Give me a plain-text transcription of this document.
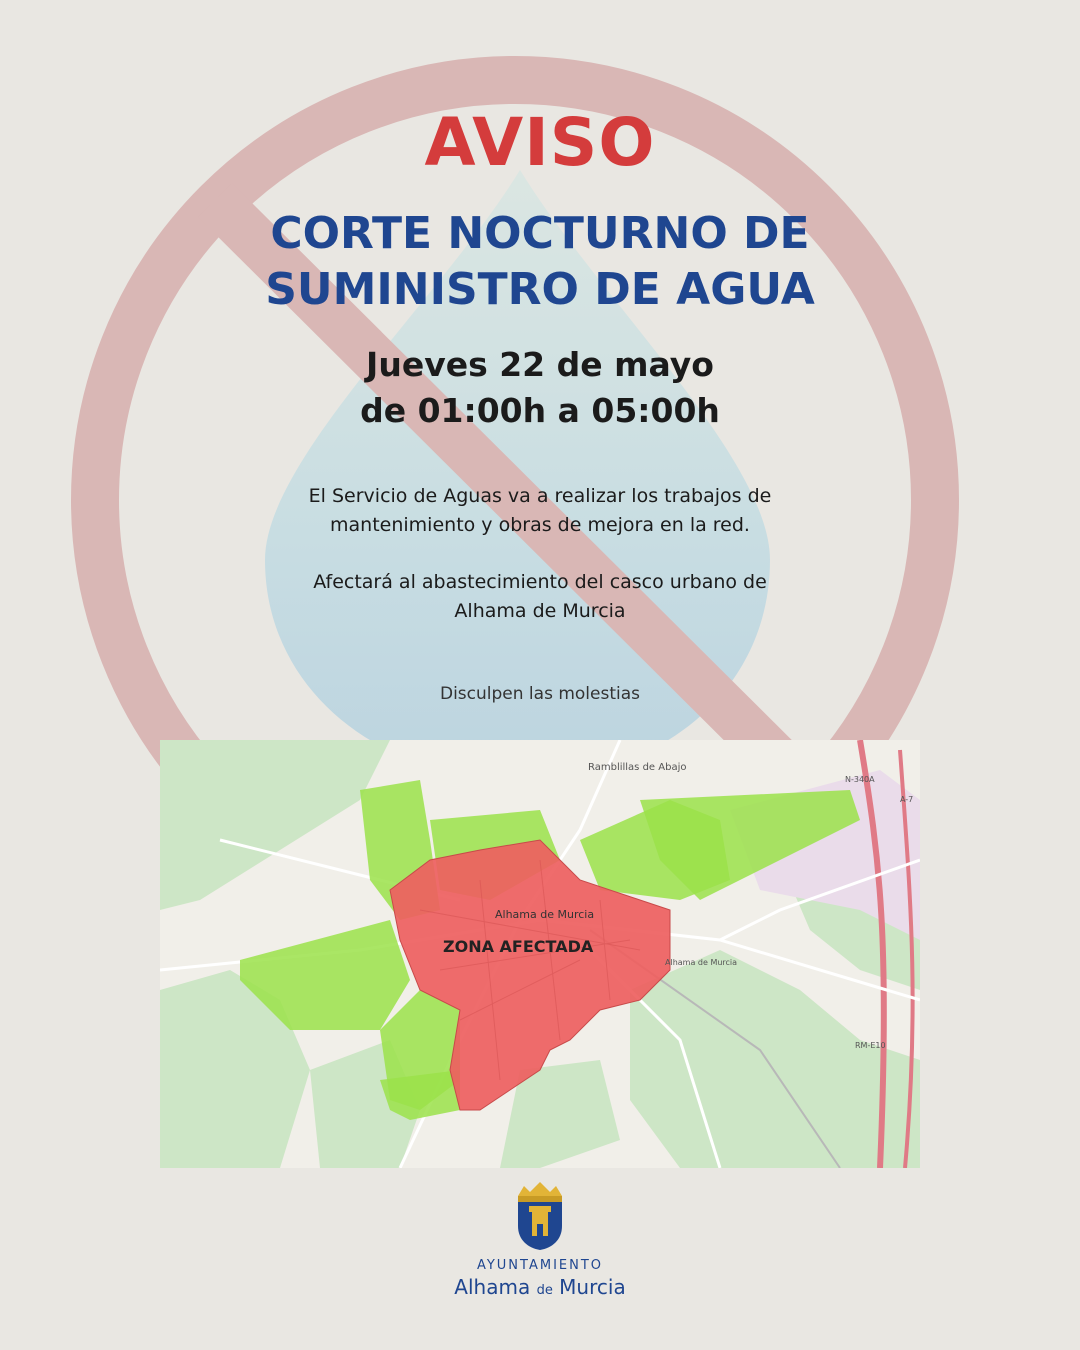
AVISO
CORTE NOCTURNO DE
SUMINISTRO DE AGUA
Jueves 22 de mayo
de 01:00h a 05:00h
El Servicio de Aguas va a realizar los trabajos de
mantenimiento y obras de mejora en la red.
Afectará al abastecimiento del casco urbano de
Alhama de Murcia
Disculpen las molestias
ZONA AFECTADA
Alhama de Murcia
Ramblillas de Abajo
Alhama de Murcia
N-340A
A-7
RM-E10
AYUNTAMIENTO
Alhama de Murcia
